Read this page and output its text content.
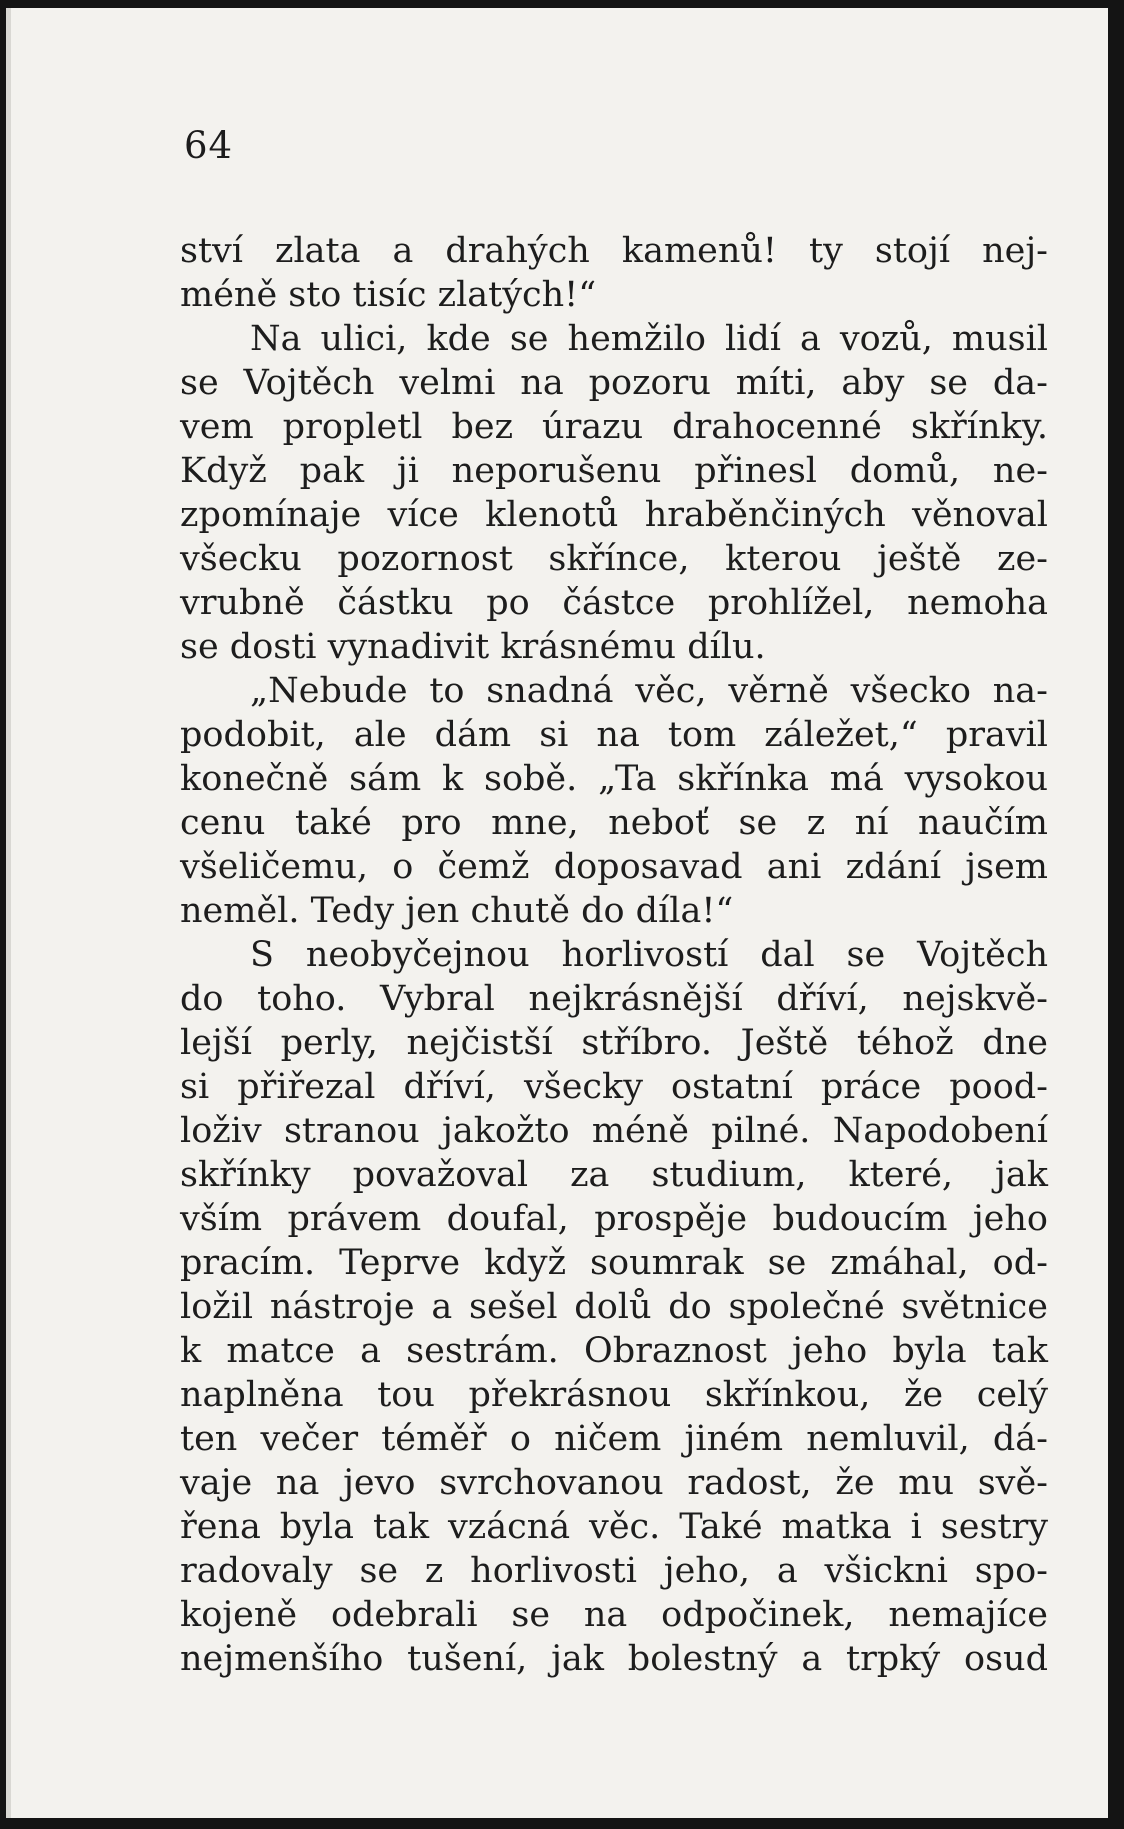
64
ství zlata a drahých kamenů! ty stojí nej-
méně sto tisíc zlatých!“
Na ulici, kde se hemžilo lidí a vozů, musil
se Vojtěch velmi na pozoru míti, aby se da-
vem propletl bez úrazu drahocenné skřínky.
Když pak ji neporušenu přinesl domů, ne-
zpomínaje více klenotů hraběnčiných věnoval
všecku pozornost skřínce, kterou ještě ze-
vrubně částku po částce prohlížel, nemoha
se dosti vynadivit krásnému dílu.
„Nebude to snadná věc, věrně všecko na-
podobit, ale dám si na tom záležet,“ pravil
konečně sám k sobě. „Ta skřínka má vysokou
cenu také pro mne, neboť se z ní naučím
všeličemu, o čemž doposavad ani zdání jsem
neměl. Tedy jen chutě do díla!“
S neobyčejnou horlivostí dal se Vojtěch
do toho. Vybral nejkrásnější dříví, nejskvě-
lejší perly, nejčistší stříbro. Ještě téhož dne
si přiřezal dříví, všecky ostatní práce pood-
loživ stranou jakožto méně pilné. Napodobení
skřínky považoval za studium, které, jak
vším právem doufal, prospěje budoucím jeho
pracím. Teprve když soumrak se zmáhal, od-
ložil nástroje a sešel dolů do společné světnice
k matce a sestrám. Obraznost jeho byla tak
naplněna tou překrásnou skřínkou, že celý
ten večer téměř o ničem jiném nemluvil, dá-
vaje na jevo svrchovanou radost, že mu svě-
řena byla tak vzácná věc. Také matka i sestry
radovaly se z horlivosti jeho, a všickni spo-
kojeně odebrali se na odpočinek, nemajíce
nejmenšího tušení, jak bolestný a trpký osud
